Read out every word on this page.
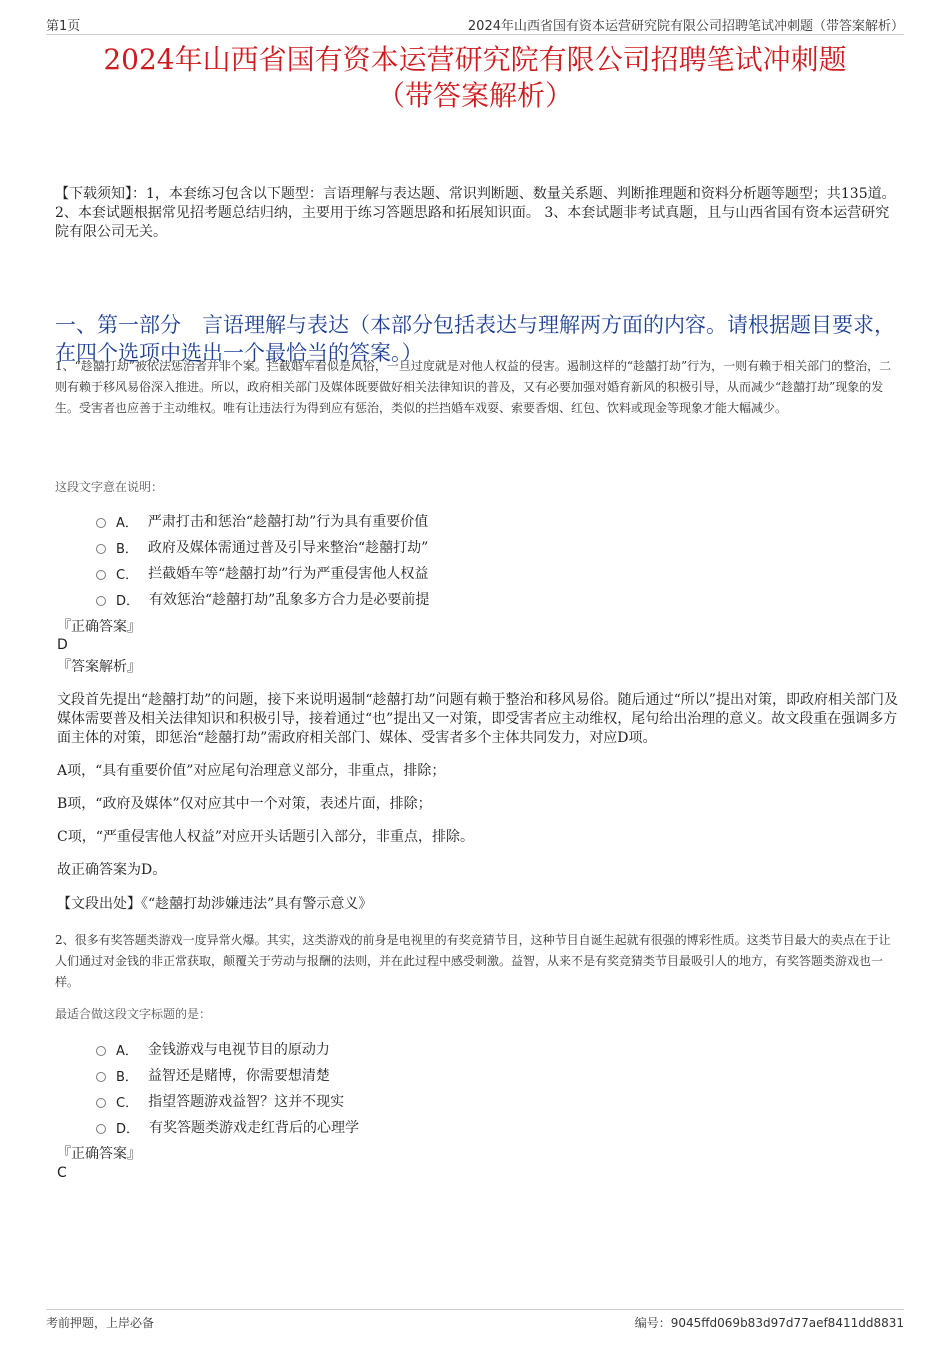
第1页	2024年山西省国有资本运营研究院有限公司招聘笔试冲刺题（带答案解析）
2024年山西省国有资本运营研究院有限公司招聘笔试冲刺题
（带答案解析）
【下载须知】：1，本套练习包含以下题型：言语理解与表达题、常识判断题、数量关系题、判断推理题和资料分析题等题型；共135道。 2、本套试题根据常见招考题总结归纳，主要用于练习答题思路和拓展知识面。 3、本套试题非考试真题，且与山西省国有资本运营研究院有限公司无关。
一、第一部分　言语理解与表达（本部分包括表达与理解两方面的内容。请根据题目要求，在四个选项中选出一个最恰当的答案。）
1、“趁囍打劫”被依法惩治者并非个案。拦截婚车看似是风俗，一旦过度就是对他人权益的侵害。遏制这样的“趁囍打劫”行为，一则有赖于相关部门的整治，二则有赖于移风易俗深入推进。所以，政府相关部门及媒体既要做好相关法律知识的普及，又有必要加强对婚育新风的积极引导，从而减少“趁囍打劫”现象的发生。受害者也应善于主动维权。唯有让违法行为得到应有惩治，类似的拦挡婚车戏耍、索要香烟、红包、饮料或现金等现象才能大幅减少。
这段文字意在说明：
A． 严肃打击和惩治“趁囍打劫”行为具有重要价值
B． 政府及媒体需通过普及引导来整治“趁囍打劫”
C． 拦截婚车等“趁囍打劫”行为严重侵害他人权益
D． 有效惩治“趁囍打劫”乱象多方合力是必要前提
『正确答案』
D
『答案解析』
文段首先提出“趁囍打劫”的问题，接下来说明遏制“趁囍打劫”问题有赖于整治和移风易俗。随后通过“所以”提出对策，即政府相关部门及媒体需要普及相关法律知识和积极引导，接着通过“也”提出又一对策，即受害者应主动维权，尾句给出治理的意义。故文段重在强调多方面主体的对策，即惩治“趁囍打劫”需政府相关部门、媒体、受害者多个主体共同发力，对应D项。
A项，“具有重要价值”对应尾句治理意义部分，非重点，排除；
B项，“政府及媒体”仅对应其中一个对策，表述片面，排除；
C项，“严重侵害他人权益”对应开头话题引入部分，非重点，排除。
故正确答案为D。
【文段出处】《“趁囍打劫涉嫌违法”具有警示意义》
2、很多有奖答题类游戏一度异常火爆。其实，这类游戏的前身是电视里的有奖竞猜节目，这种节目自诞生起就有很强的博彩性质。这类节目最大的卖点在于让人们通过对金钱的非正常获取，颠覆关于劳动与报酬的法则，并在此过程中感受刺激。益智，从来不是有奖竞猜类节目最吸引人的地方，有奖答题类游戏也一样。
最适合做这段文字标题的是：
A． 金钱游戏与电视节目的原动力
B． 益智还是赌博，你需要想清楚
C． 指望答题游戏益智？这并不现实
D． 有奖答题类游戏走红背后的心理学
『正确答案』
C
考前押题，上岸必备	编号：9045ffd069b83d97d77aef8411dd8831
